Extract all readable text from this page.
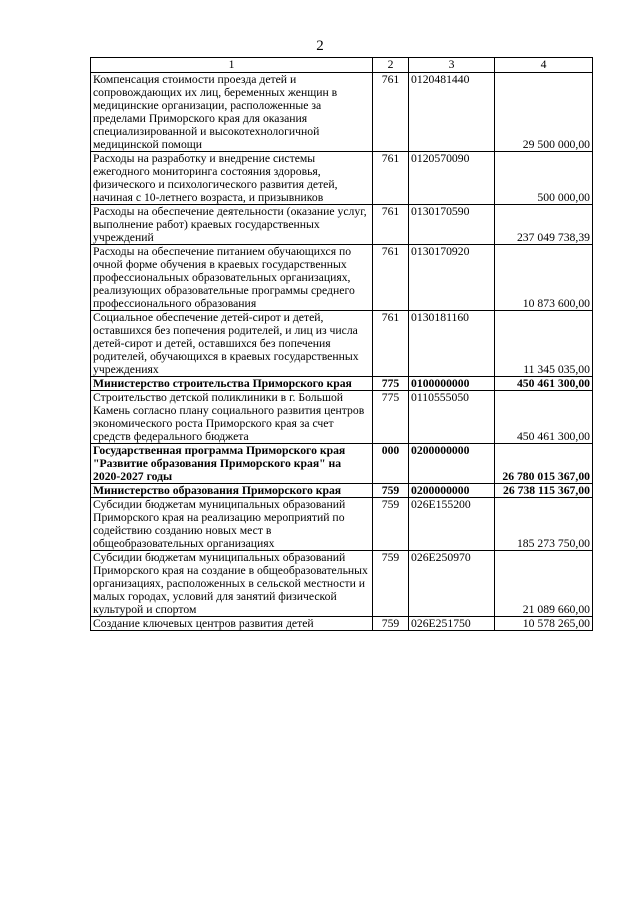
2
1	2	3	4
Компенсация стоимости проезда детей и сопровождающих их лиц, беременных женщин в медицинские организации, расположенные за пределами Приморского края для оказания специализированной и высокотехнологичной медицинской помощи	761	0120481440	29 500 000,00
Расходы на разработку и внедрение системы ежегодного мониторинга состояния здоровья, физического и психологического развития детей, начиная с 10-летнего возраста, и призывников	761	0120570090	500 000,00
Расходы на обеспечение деятельности (оказание услуг, выполнение работ) краевых государственных учреждений	761	0130170590	237 049 738,39
Расходы на обеспечение питанием обучающихся по очной форме обучения в краевых государственных профессиональных образовательных организациях, реализующих образовательные программы среднего профессионального образования	761	0130170920	10 873 600,00
Социальное обеспечение детей-сирот и детей, оставшихся без попечения родителей, и лиц из числа детей-сирот и детей, оставшихся без попечения родителей, обучающихся в краевых государственных учреждениях	761	0130181160	11 345 035,00
Министерство строительства Приморского края	775	0100000000	450 461 300,00
Строительство детской поликлиники в г. Большой Камень согласно плану социального развития центров экономического роста Приморского края за счет средств федерального бюджета	775	0110555050	450 461 300,00
Государственная программа Приморского края "Развитие образования Приморского края" на 2020-2027 годы	000	0200000000	26 780 015 367,00
Министерство образования Приморского края	759	0200000000	26 738 115 367,00
Субсидии бюджетам муниципальных образований Приморского края на реализацию мероприятий по содействию созданию новых мест в общеобразовательных организациях	759	026E155200	185 273 750,00
Субсидии бюджетам муниципальных образований Приморского края на создание в общеобразовательных организациях, расположенных в сельской местности и малых городах, условий для занятий физической культурой и спортом	759	026E250970	21 089 660,00
Создание ключевых центров развития детей	759	026E251750	10 578 265,00
